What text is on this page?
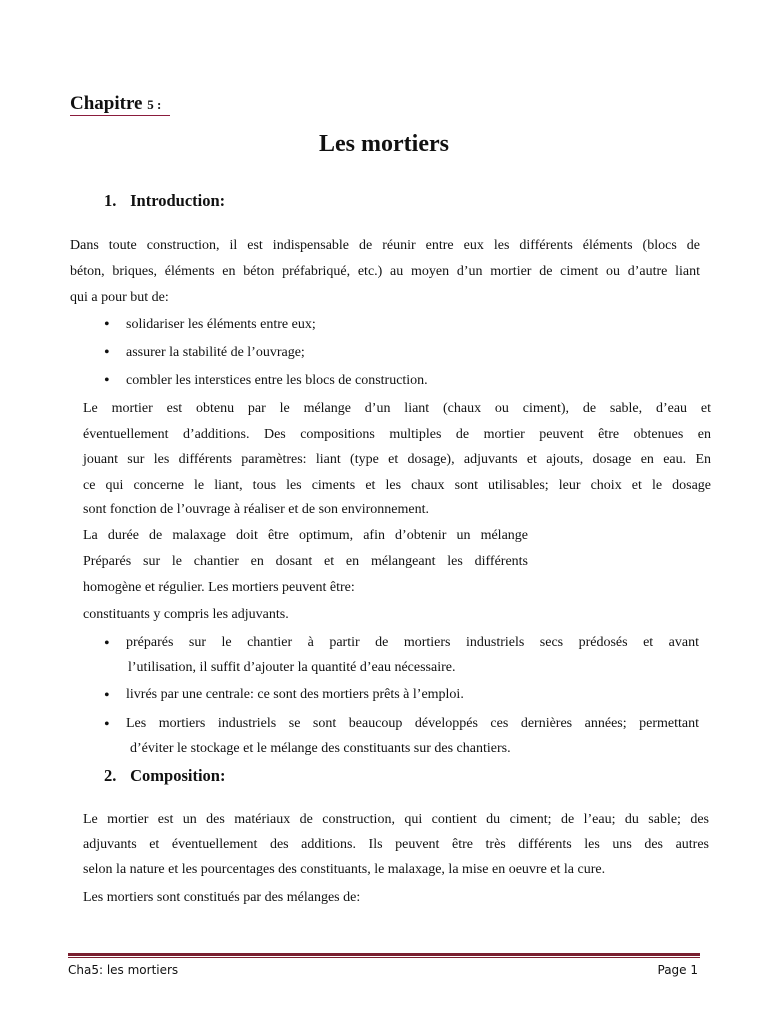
Chapitre 5 :
Les mortiers
1. Introduction:
Dans toute construction, il est indispensable de réunir entre eux les différents éléments (blocs de
béton, briques, éléments en béton préfabriqué, etc.) au moyen d’un mortier de ciment ou d’autre liant
qui a pour but de:
• solidariser les éléments entre eux;
• assurer la stabilité de l’ouvrage;
• combler les interstices entre les blocs de construction.
Le mortier est obtenu par le mélange d’un liant (chaux ou ciment), de sable, d’eau et
éventuellement d’additions. Des compositions multiples de mortier peuvent être obtenues en
jouant sur les différents paramètres: liant (type et dosage), adjuvants et ajouts, dosage en eau. En
ce qui concerne le liant, tous les ciments et les chaux sont utilisables; leur choix et le dosage
sont fonction de l’ouvrage à réaliser et de son environnement.
La durée de malaxage doit être optimum, afin d’obtenir un mélange
Préparés sur le chantier en dosant et en mélangeant les différents
homogène et régulier. Les mortiers peuvent être:
constituants y compris les adjuvants.
• préparés sur le chantier à partir de mortiers industriels secs prédosés et avant
l’utilisation, il suffit d’ajouter la quantité d’eau nécessaire.
• livrés par une centrale: ce sont des mortiers prêts à l’emploi.
• Les mortiers industriels se sont beaucoup développés ces dernières années; permettant
d’éviter le stockage et le mélange des constituants sur des chantiers.
2. Composition:
Le mortier est un des matériaux de construction, qui contient du ciment; de l’eau; du sable; des
adjuvants et éventuellement des additions. Ils peuvent être très différents les uns des autres
selon la nature et les pourcentages des constituants, le malaxage, la mise en oeuvre et la cure.
Les mortiers sont constitués par des mélanges de:
Cha5: les mortiers	Page 1
